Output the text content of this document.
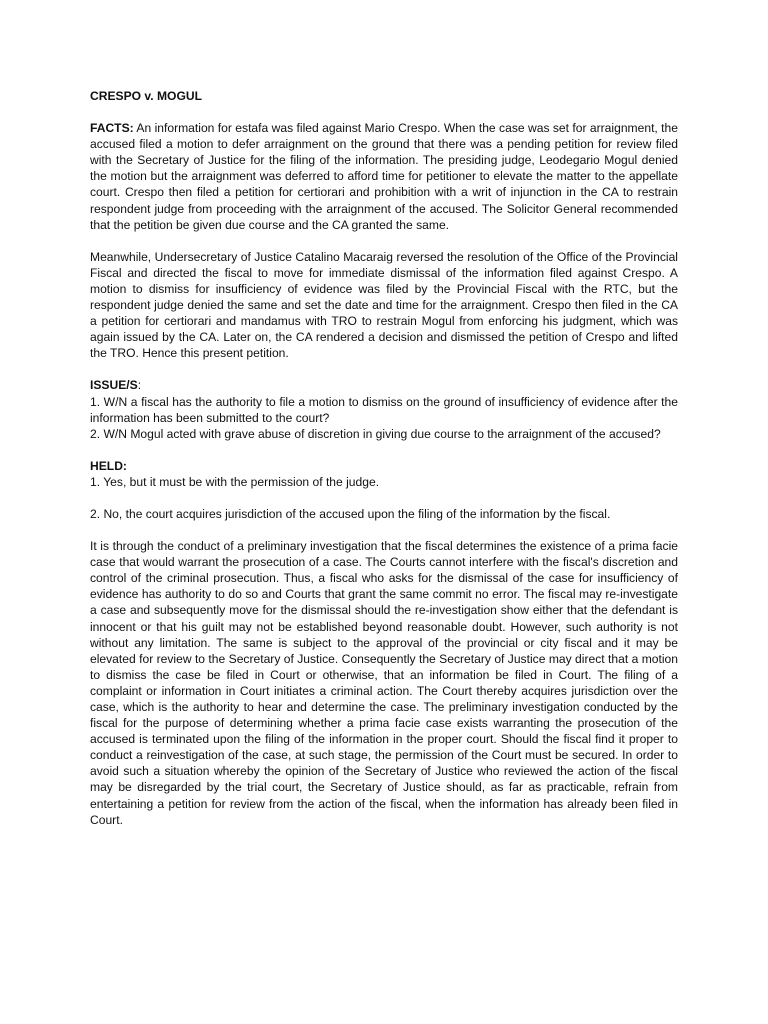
CRESPO v. MOGUL

FACTS: An information for estafa was filed against Mario Crespo. When the case was set for arraignment, the accused filed a motion to defer arraignment on the ground that there was a pending petition for review filed with the Secretary of Justice for the filing of the information. The presiding judge, Leodegario Mogul denied the motion but the arraignment was deferred to afford time for petitioner to elevate the matter to the appellate court. Crespo then filed a petition for certiorari and prohibition with a writ of injunction in the CA to restrain respondent judge from proceeding with the arraignment of the accused. The Solicitor General recommended that the petition be given due course and the CA granted the same.

Meanwhile, Undersecretary of Justice Catalino Macaraig reversed the resolution of the Office of the Provincial Fiscal and directed the fiscal to move for immediate dismissal of the information filed against Crespo. A motion to dismiss for insufficiency of evidence was filed by the Provincial Fiscal with the RTC, but the respondent judge denied the same and set the date and time for the arraignment. Crespo then filed in the CA a petition for certiorari and mandamus with TRO to restrain Mogul from enforcing his judgment, which was again issued by the CA. Later on, the CA rendered a decision and dismissed the petition of Crespo and lifted the TRO. Hence this present petition.

ISSUE/S:
1. W/N a fiscal has the authority to file a motion to dismiss on the ground of insufficiency of evidence after the information has been submitted to the court?
2. W/N Mogul acted with grave abuse of discretion in giving due course to the arraignment of the accused?
HELD:
1. Yes, but it must be with the permission of the judge.

2. No, the court acquires jurisdiction of the accused upon the filing of the information by the fiscal.

It is through the conduct of a preliminary investigation that the fiscal determines the existence of a prima facie case that would warrant the prosecution of a case. The Courts cannot interfere with the fiscal's discretion and control of the criminal prosecution. Thus, a fiscal who asks for the dismissal of the case for insufficiency of evidence has authority to do so and Courts that grant the same commit no error. The fiscal may re-investigate a case and subsequently move for the dismissal should the re-investigation show either that the defendant is innocent or that his guilt may not be established beyond reasonable doubt. However, such authority is not without any limitation. The same is subject to the approval of the provincial or city fiscal and it may be elevated for review to the Secretary of Justice. Consequently the Secretary of Justice may direct that a motion to dismiss the case be filed in Court or otherwise, that an information be filed in Court. The filing of a complaint or information in Court initiates a criminal action. The Court thereby acquires jurisdiction over the case, which is the authority to hear and determine the case. The preliminary investigation conducted by the fiscal for the purpose of determining whether a prima facie case exists warranting the prosecution of the accused is terminated upon the filing of the information in the proper court. Should the fiscal find it proper to conduct a reinvestigation of the case, at such stage, the permission of the Court must be secured. In order to avoid such a situation whereby the opinion of the Secretary of Justice who reviewed the action of the fiscal may be disregarded by the trial court, the Secretary of Justice should, as far as practicable, refrain from entertaining a petition for review from the action of the fiscal, when the information has already been filed in Court.
